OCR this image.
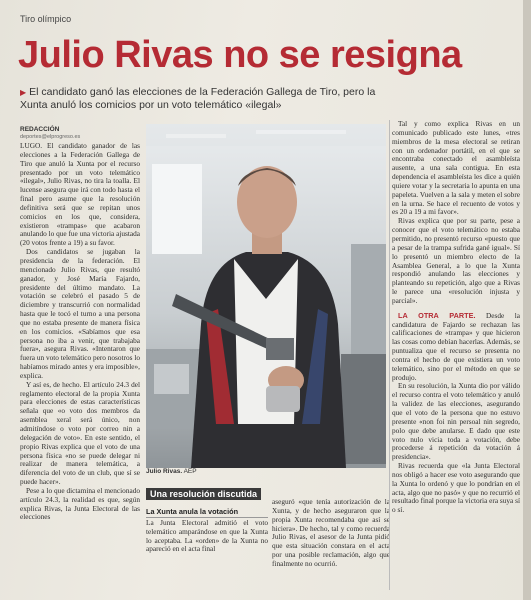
Tiro olímpico
Julio Rivas no se resigna
▶ El candidato ganó las elecciones de la Federación Gallega de Tiro, pero la Xunta anuló los comicios por un voto telemático «ilegal»
REDACCIÓN
deportes@elprogreso.es

LUGO. El candidato ganador de las elecciones a la Federación Gallega de Tiro que anuló la Xunta por el recurso presentado por un voto telemático «ilegal», Julio Rivas, no tira la toalla. El lucense asegura que irá con todo hasta el final pero asume que la resolución definitiva será que se repitan unos comicios en los que, considera, existieron «trampas» que acabaron anulando lo que fue una victoria ajustada (20 votos frente a 19) a su favor.

Dos candidatos se jugaban la presidencia de la federación. El mencionado Julio Rivas, que resultó ganador, y José María Fajardo, presidente del último mandato. La votación se celebró el pasado 5 de diciembre y transcurrió con normalidad hasta que le tocó el turno a una persona que no estaba presente de manera física en los comicios. «Sabíamos que esa persona no iba a venir, que trabajaba fuera», asegura Rivas. «Intentaron que fuera un voto telemático pero nosotros lo habíamos mirado antes y era imposible», explica.

Y así es, de hecho. El artículo 24.3 del reglamento electoral de la propia Xunta para elecciones de estas características señala que «o voto dos membros da asemblea xeral será único, non admitíndose o voto por correo nin a delegación de voto». En este sentido, el propio Rivas explica que el voto de una persona física «no se puede delegar ni realizar de manera telemática, a diferencia del voto de un club, que sí se puede hacer».

Pese a lo que dictamina el mencionado artículo 24.3, la realidad es que, según explica Rivas, la Junta Electoral de las elecciones

Julio Rivas. AEP
Una resolución discutida
La Xunta anula la votación

La Junta Electoral admitió el voto telemático amparándose en que la Xunta lo aceptaba. La «orden» de la Xunta no apareció en el acta final

aseguró «que tenía autorización de la Xunta, y de hecho aseguraron que la propia Xunta recomendaba que así se hiciera». De hecho, tal y como recuerda Julio Rivas, el asesor de la Junta pidió que esta situación constara en el acta por una posible reclamación, algo que finalmente no ocurrió.

Tal y como explica Rivas en un comunicado publicado este lunes, «tres miembros de la mesa electoral se retiran con un ordenador portátil, en el que se encontraba conectado el asambleísta ausente, a una sala contigua. En esta dependencia el asambleísta les dice a quién quiere votar y la secretaria lo apunta en una papeleta. Vuelven a la sala y meten el sobre en la urna. Se hace el recuento de votos y es 20 a 19 a mi favor».

Rivas explica que por su parte, pese a conocer que el voto telemático no estaba permitido, no presentó recurso «puesto que a pesar de la trampa sufrida gané igual». Sí lo presentó un miembro electo de la Asamblea General, a lo que la Xunta respondió anulando las elecciones y planteando su repetición, algo que a Rivas le parece una «resolución injusta y parcial».

LA OTRA PARTE. Desde la candidatura de Fajardo se rechazan las calificaciones de «trampa» y que hicieron las cosas como debían hacerlas. Además, se puntualiza que el recurso se presenta no contra el hecho de que existiera un voto telemático, sino por el método en que se produjo.

En su resolución, la Xunta dio por válido el recurso contra el voto telemático y anuló la validez de las elecciones, asegurando que el voto de la persona que no estuvo presente «non foi nin persoal nin segredo, polo que debe anularse. E dado que este voto nulo vicia toda a votación, debe procederse á repetición da votación á presidencia».

Rivas recuerda que «la Junta Electoral nos obligó a hacer ese voto asegurando que la Xunta lo ordenó y que lo pondrían en el acta, algo que no pasó» y que no recurrió el resultado final porque la victoria era suya sí o sí.
